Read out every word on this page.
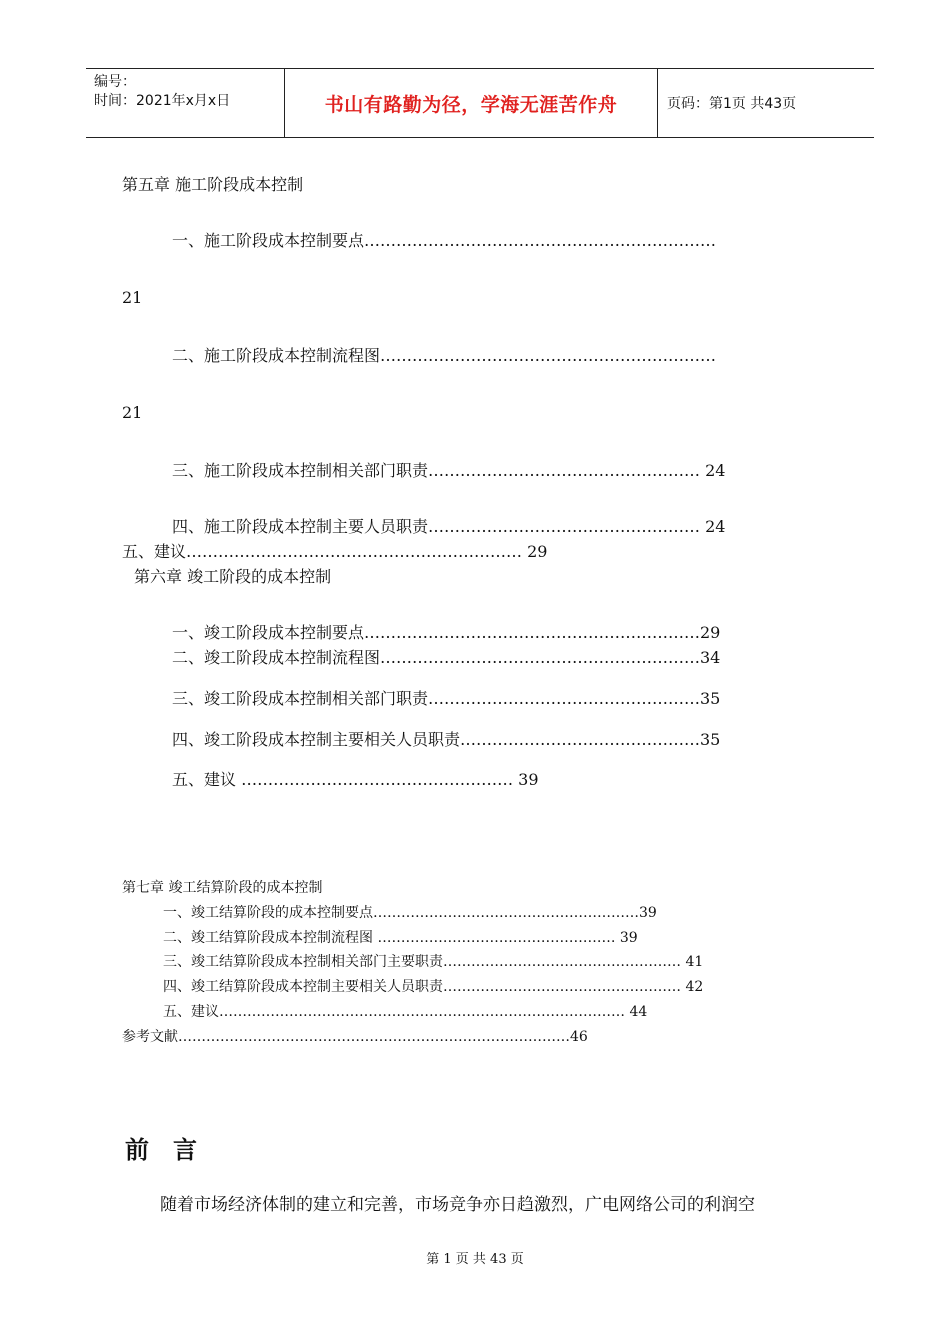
编号：
时间：2021年x月x日	书山有路勤为径，学海无涯苦作舟	页码：第1页 共43页
第五章 施工阶段成本控制
一、施工阶段成本控制要点…………………………………………………………
21
二、施工阶段成本控制流程图………………………………………………………
21
三、施工阶段成本控制相关部门职责…………………………………………… 24
四、施工阶段成本控制主要人员职责…………………………………………… 24
五、建议……………………………………………………… 29
第六章 竣工阶段的成本控制
一、竣工阶段成本控制要点………………………………………………………29
二、竣工阶段成本控制流程图……………………………………………………34
三、竣工阶段成本控制相关部门职责……………………………………………35
四、竣工阶段成本控制主要相关人员职责………………………………………35
五、建议 …………………………………………… 39
第七章 竣工结算阶段的成本控制
一、竣工结算阶段的成本控制要点…………………………………………………39
二、竣工结算阶段成本控制流程图 …………………………………………… 39
三、竣工结算阶段成本控制相关部门主要职责…………………………………………… 41
四、竣工结算阶段成本控制主要相关人员职责…………………………………………… 42
五、建议…………………………………………………………………………… 44
参考文献…………………………………………………………………………46
前　言
随着市场经济体制的建立和完善，市场竞争亦日趋激烈，广电网络公司的利润空
第 1 页 共 43 页
